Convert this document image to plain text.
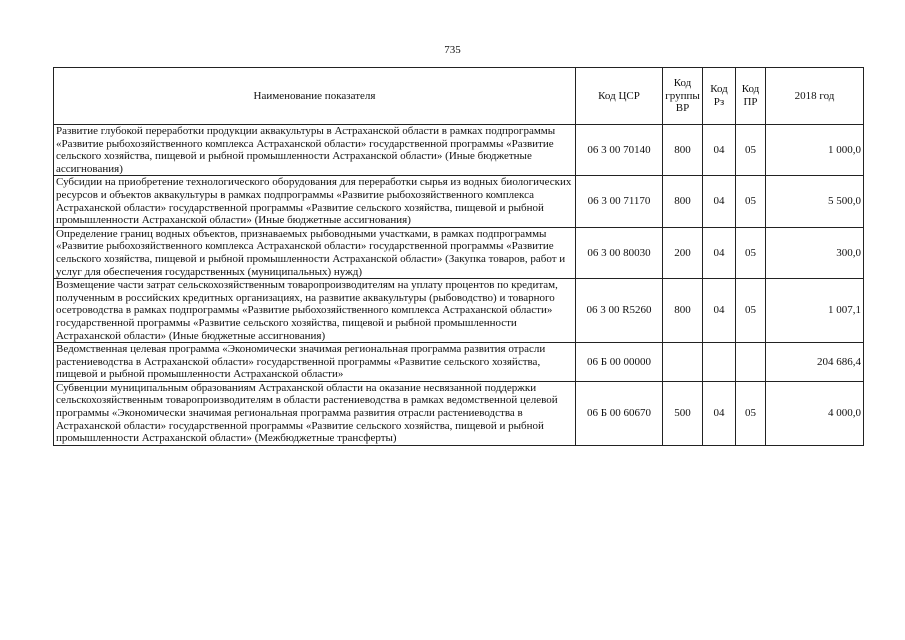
735
Наименование показателя	Код ЦСР	Код группы ВР	Код Рз	Код ПР	2018 год
Развитие глубокой переработки продукции аквакультуры в Астраханской области в рамках подпрограммы «Развитие рыбохозяйственного комплекса Астраханской области» государственной программы «Развитие сельского хозяйства, пищевой и рыбной промышленности Астраханской области» (Иные бюджетные ассигнования)	06 3 00 70140	800	04	05	1 000,0
Субсидии на приобретение технологического оборудования для переработки сырья из водных биологических ресурсов и объектов аквакультуры в рамках подпрограммы «Развитие рыбохозяйственного комплекса Астраханской области» государственной программы «Развитие сельского хозяйства, пищевой и рыбной промышленности Астраханской области» (Иные бюджетные ассигнования)	06 3 00 71170	800	04	05	5 500,0
Определение границ водных объектов, признаваемых рыбоводными участками, в рамках подпрограммы «Развитие рыбохозяйственного комплекса Астраханской области» государственной программы «Развитие сельского хозяйства, пищевой и рыбной промышленности Астраханской области» (Закупка товаров, работ и услуг для обеспечения государственных (муниципальных) нужд)	06 3 00 80030	200	04	05	300,0
Возмещение части затрат сельскохозяйственным товаропроизводителям на уплату процентов по кредитам, полученным в российских кредитных организациях, на развитие аквакультуры (рыбоводство) и товарного осетроводства в рамках подпрограммы «Развитие рыбохозяйственного комплекса Астраханской области» государственной программы «Развитие сельского хозяйства, пищевой и рыбной промышленности Астраханской области» (Иные бюджетные ассигнования)	06 3 00 R5260	800	04	05	1 007,1
Ведомственная целевая программа «Экономически значимая региональная программа развития отрасли растениеводства в Астраханской области» государственной программы «Развитие сельского хозяйства, пищевой и рыбной промышленности Астраханской области»	06 Б 00 00000				204 686,4
Субвенции муниципальным образованиям Астраханской области на оказание несвязанной поддержки сельскохозяйственным товаропроизводителям в области растениеводства в рамках ведомственной целевой программы «Экономически значимая региональная программа развития отрасли растениеводства в Астраханской области» государственной программы «Развитие сельского хозяйства, пищевой и рыбной промышленности Астраханской области» (Межбюджетные трансферты)	06 Б 00 60670	500	04	05	4 000,0
